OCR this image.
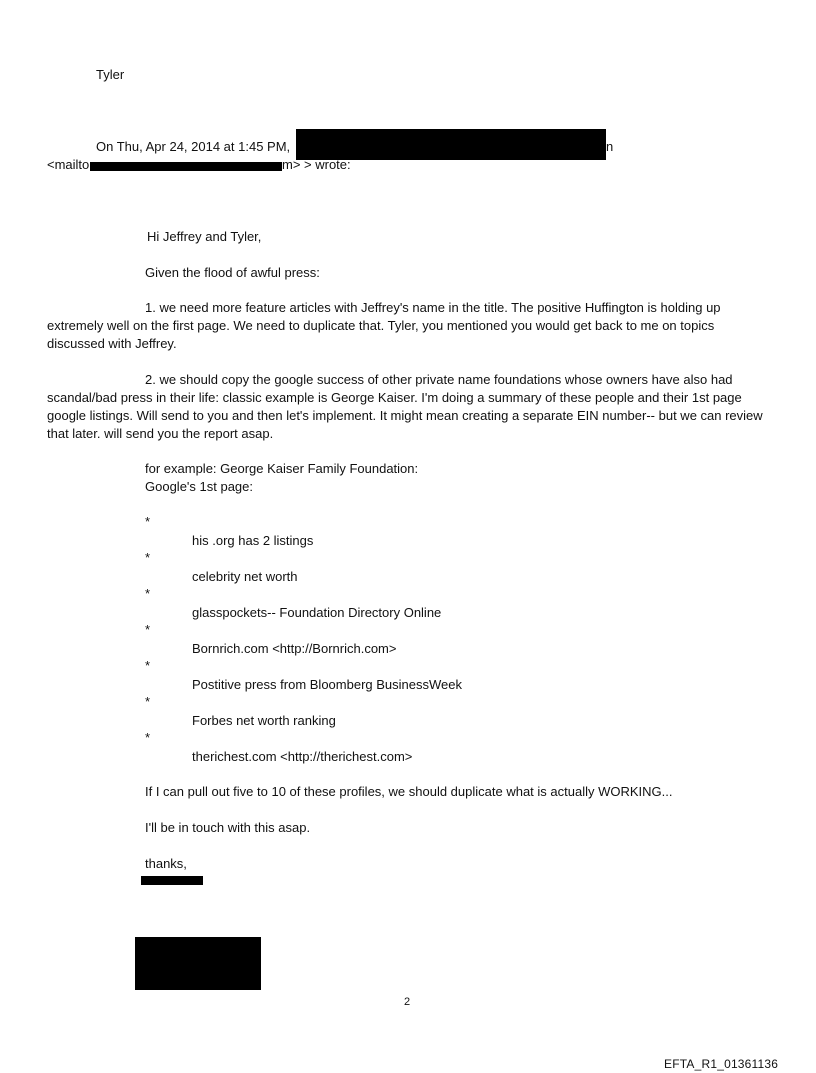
Tyler
On Thu, Apr 24, 2014 at 1:45 PM,	n
<mailto	m> > wrote:
Hi Jeffrey and Tyler,
Given the flood of awful press:
1. we need more feature articles with Jeffrey's name in the title. The positive Huffington is holding up
extremely well on the first page. We need to duplicate that. Tyler, you mentioned you would get back to me on topics discussed with Jeffrey.
2. we should copy the google success of other private name foundations whose owners have also had
scandal/bad press in their life: classic example is George Kaiser. I'm doing a summary of these people and their 1st page google listings. Will send to you and then let's implement. It might mean creating a separate EIN number-- but we can review that later. will send you the report asap.
for example: George Kaiser Family Foundation:
Google's 1st page:
*
his .org has 2 listings
*
celebrity net worth
*
glasspockets-- Foundation Directory Online
*
Bornrich.com <http://Bornrich.com>
*
Postitive press from Bloomberg BusinessWeek
*
Forbes net worth ranking
*
therichest.com <http://therichest.com>
If I can pull out five to 10 of these profiles, we should duplicate what is actually WORKING...
I'll be in touch with this asap.
thanks,
2
EFTA_R1_01361136
